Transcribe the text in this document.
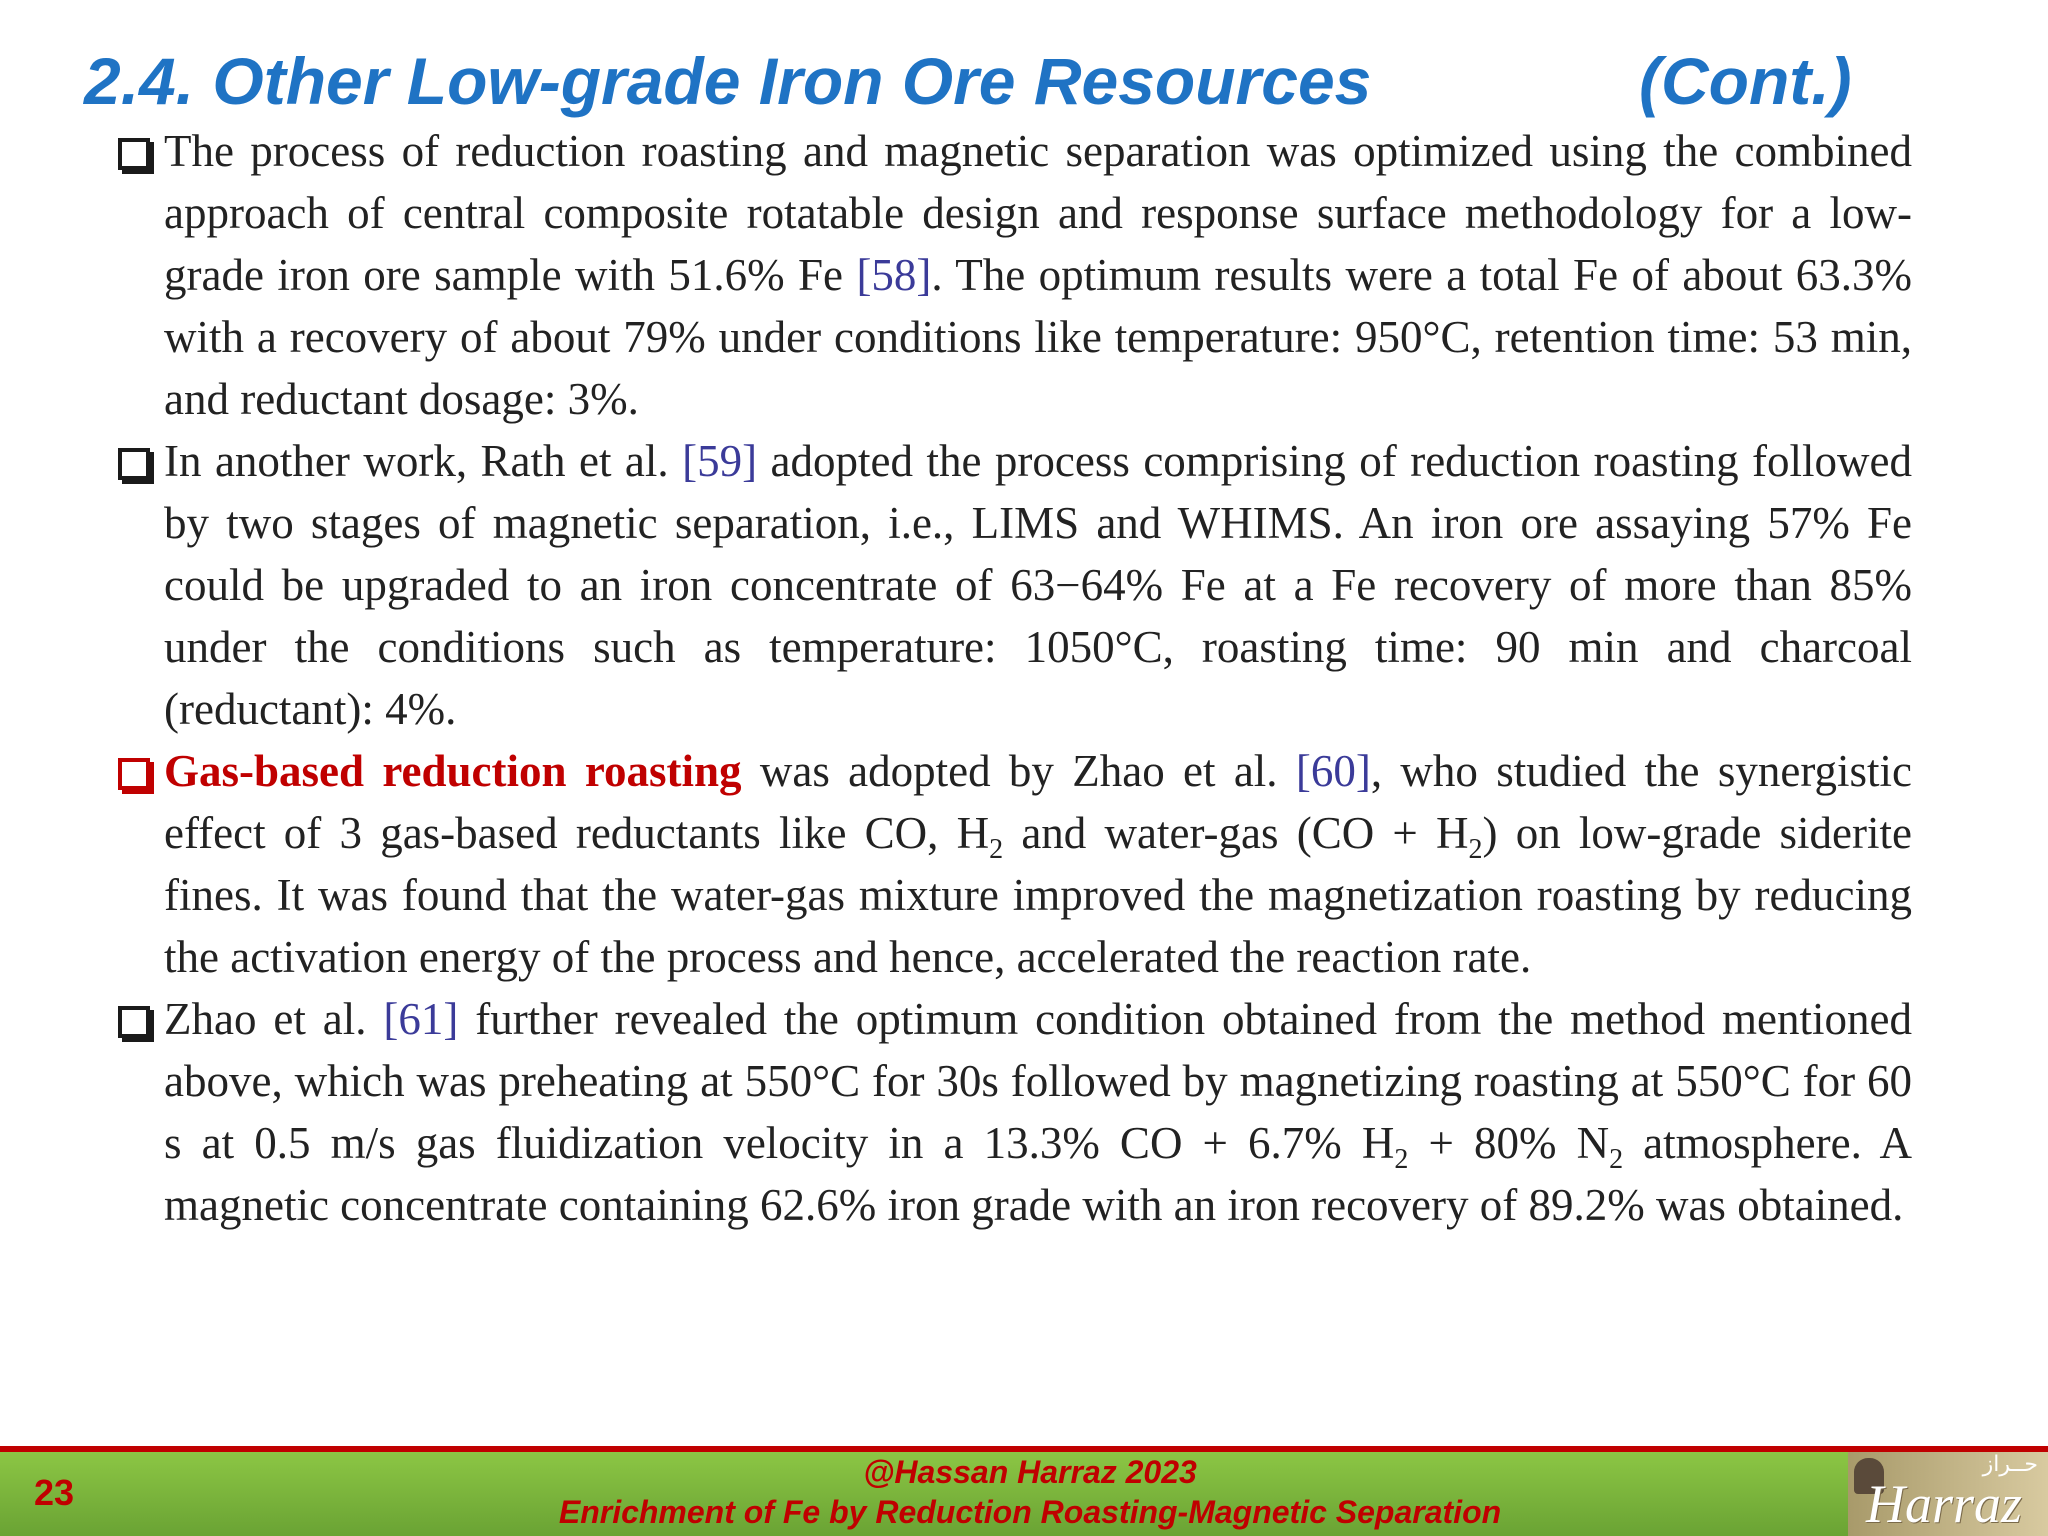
2.4. Other Low-grade Iron Ore Resources	(Cont.)

The process of reduction roasting and magnetic separation was optimized using the combined approach of central composite rotatable design and response surface methodology for a low-grade iron ore sample with 51.6% Fe [58]. The optimum results were a total Fe of about 63.3% with a recovery of about 79% under conditions like temperature: 950°C, retention time: 53 min, and reductant dosage: 3%.

In another work, Rath et al. [59] adopted the process comprising of reduction roasting followed by two stages of magnetic separation, i.e., LIMS and WHIMS. An iron ore assaying 57% Fe could be upgraded to an iron concentrate of 63−64% Fe at a Fe recovery of more than 85% under the conditions such as temperature: 1050°C, roasting time: 90 min and charcoal (reductant): 4%.

Gas-based reduction roasting was adopted by Zhao et al. [60], who studied the synergistic effect of 3 gas-based reductants like CO, $H_2$ and water-gas $(CO + H_2)$ on low-grade siderite fines. It was found that the water-gas mixture improved the magnetization roasting by reducing the activation energy of the process and hence, accelerated the reaction rate.

Zhao et al. [61] further revealed the optimum condition obtained from the method mentioned above, which was preheating at 550°C for 30s followed by magnetizing roasting at 550°C for 60 s at 0.5 m/s gas fluidization velocity in a 13.3% CO + 6.7% $H_2 + 80\%$ $N_2$ atmosphere. A magnetic concentrate containing 62.6% iron grade with an iron recovery of 89.2% was obtained.

23	@Hassan Harraz 2023
Enrichment of Fe by Reduction Roasting-Magnetic Separation
حــراز
Harraz
